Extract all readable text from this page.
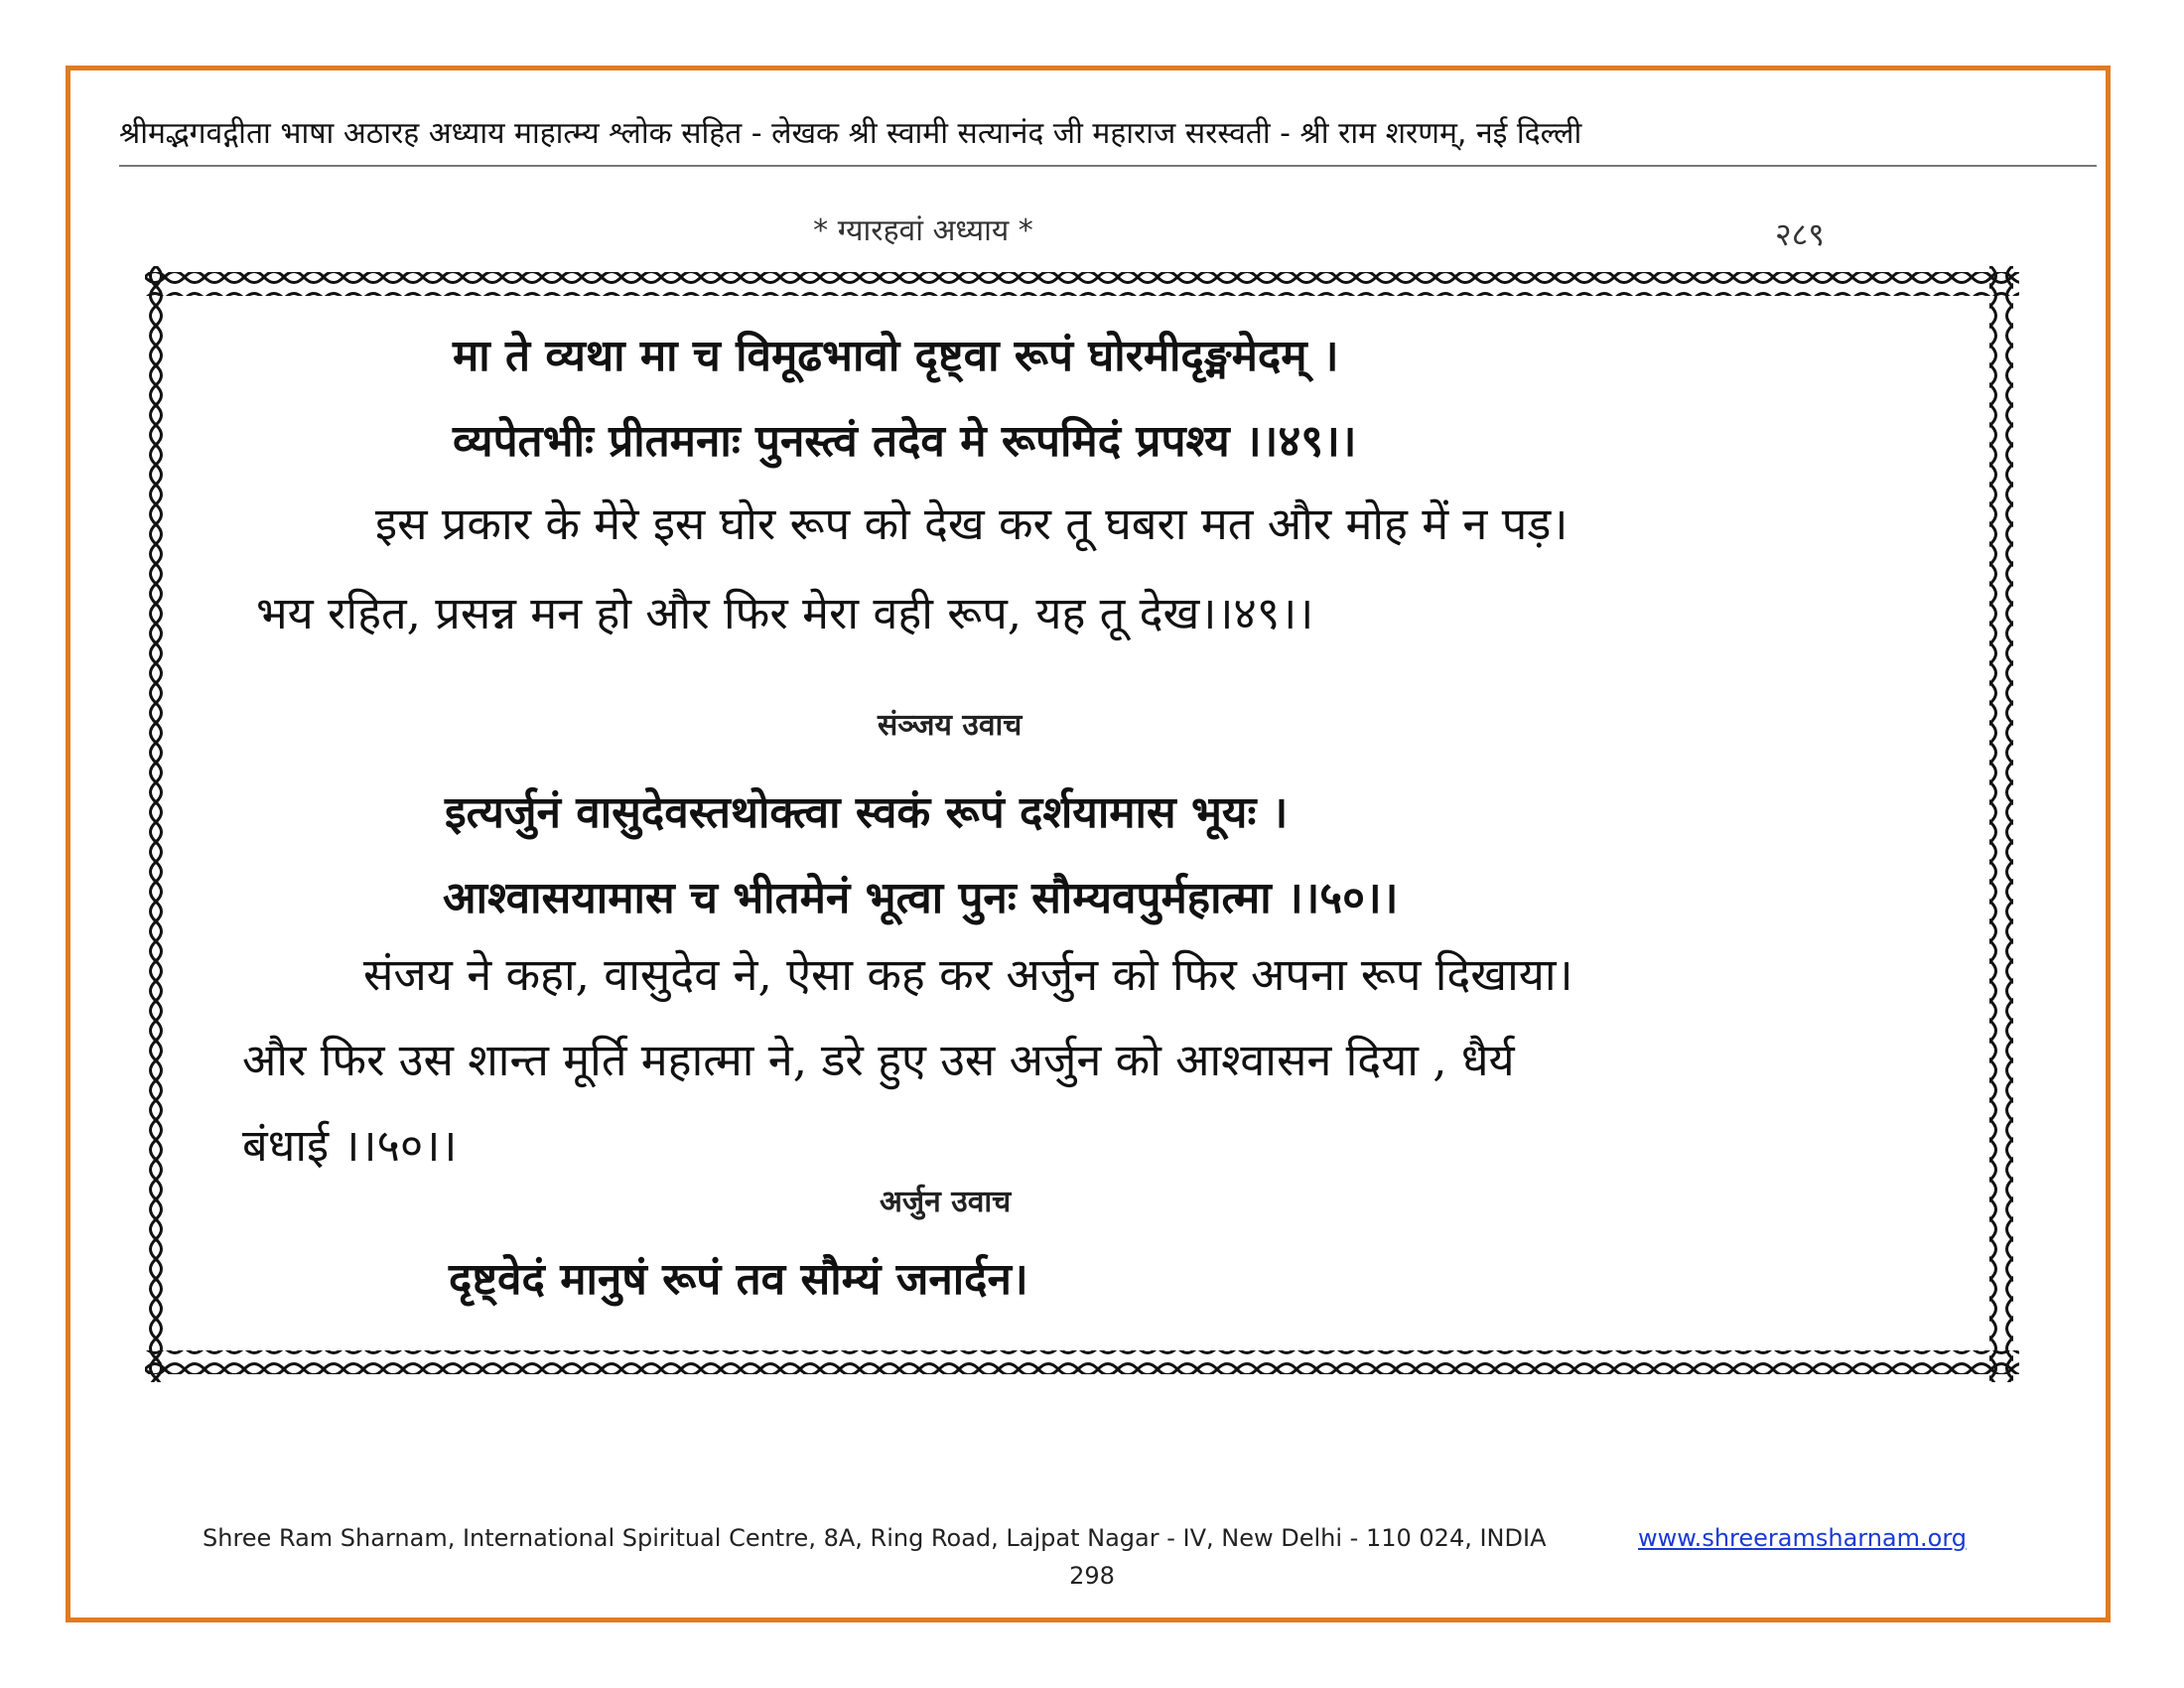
श्रीमद्भगवद्गीता भाषा अठारह अध्याय माहात्म्य श्लोक सहित - लेखक श्री स्वामी सत्यानंद जी महाराज सरस्वती - श्री राम शरणम्, नई दिल्ली
* ग्यारहवां अध्याय *	२८९
मा ते व्यथा मा च विमूढभावो दृष्ट्वा रूपं घोरमीदृङ्ममेदम् ।
व्यपेतभीः प्रीतमनाः पुनस्त्वं तदेव मे रूपमिदं प्रपश्य ।।४९।।
इस प्रकार के मेरे इस घोर रूप को देख कर तू घबरा मत और मोह में न पड़।
भय रहित, प्रसन्न मन हो और फिर मेरा वही रूप, यह तू देख।।४९।।
संञ्जय उवाच
इत्यर्जुनं वासुदेवस्तथोक्त्वा स्वकं रूपं दर्शयामास भूयः ।
आश्वासयामास च भीतमेनं भूत्वा पुनः सौम्यवपुर्महात्मा ।।५०।।
संजय ने कहा, वासुदेव ने, ऐसा कह कर अर्जुन को फिर अपना रूप दिखाया।
और फिर उस शान्त मूर्ति महात्मा ने, डरे हुए उस अर्जुन को आश्वासन दिया , धैर्य
बंधाई ।।५०।।
अर्जुन उवाच
दृष्ट्वेदं मानुषं रूपं तव सौम्यं जनार्दन।
Shree Ram Sharnam, International Spiritual Centre, 8A, Ring Road, Lajpat Nagar - IV, New Delhi - 110 024, INDIA	www.shreeramsharnam.org
298
